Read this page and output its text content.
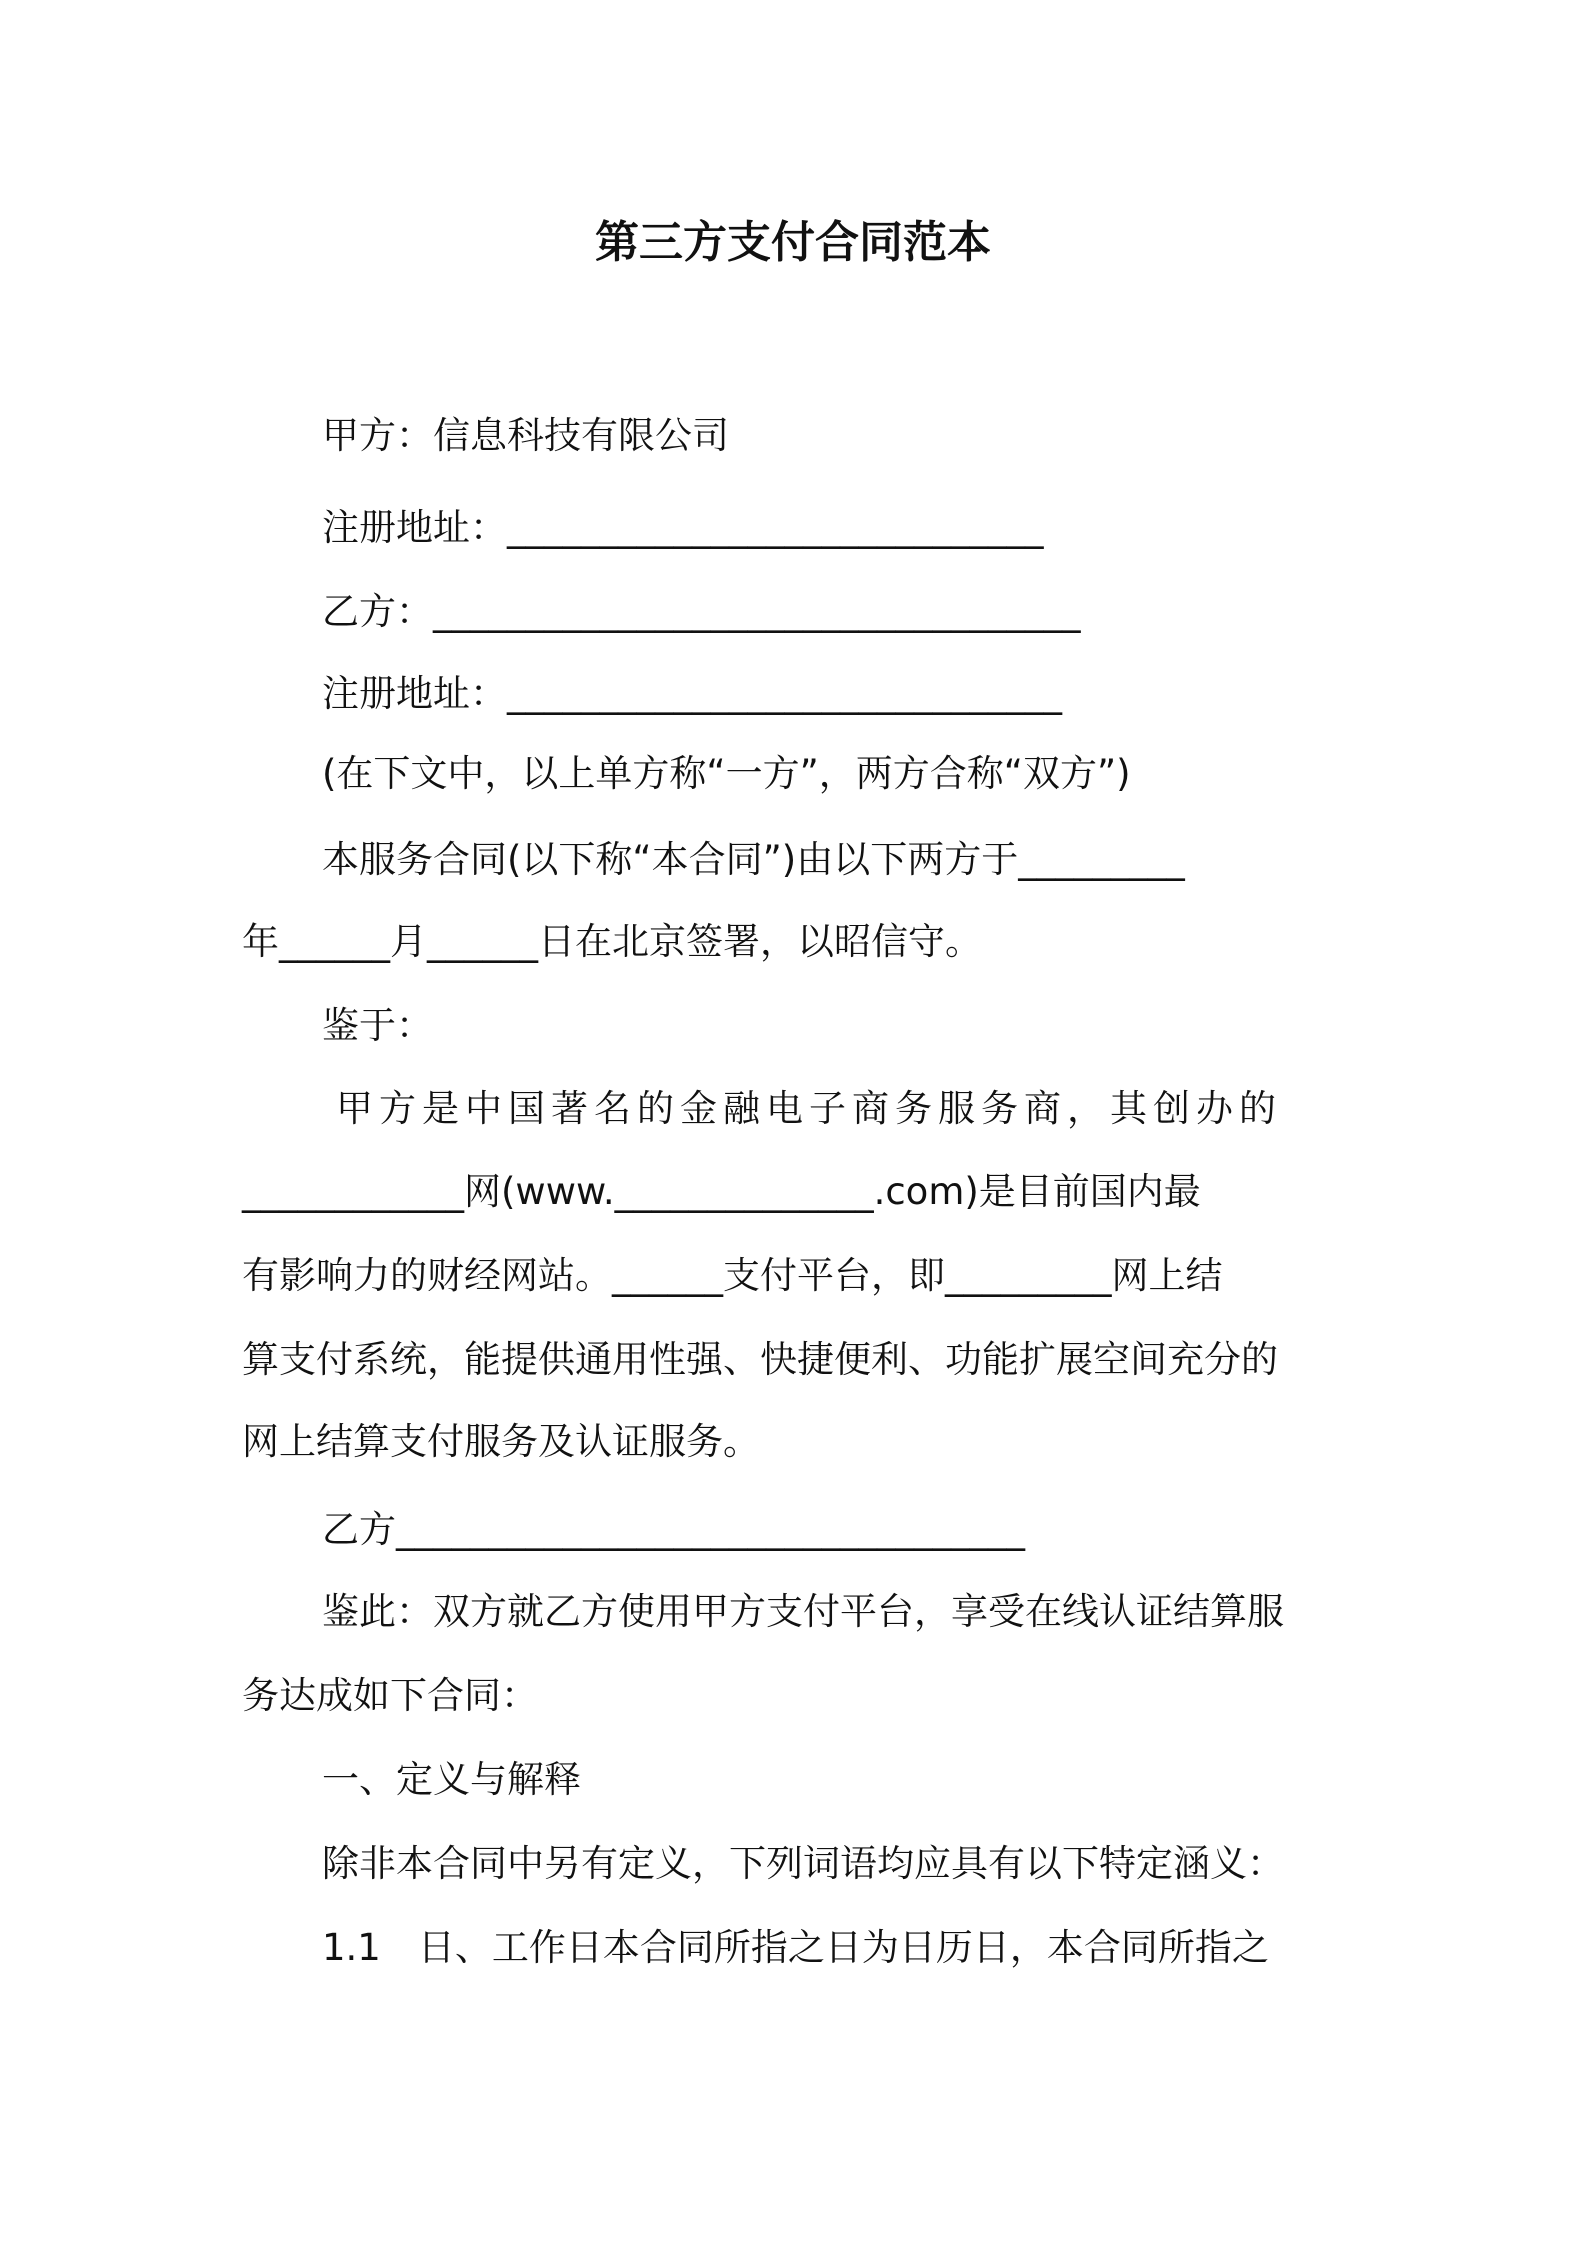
第三方支付合同范本

甲方：信息科技有限公司

注册地址：_____________________________

乙方：___________________________________

注册地址：______________________________

(在下文中，以上单方称“一方”，两方合称“双方”)

本服务合同(以下称“本合同”)由以下两方于_________

年______月______日在北京签署，以昭信守。

鉴于：

甲方是中国著名的金融电子商务服务商，其创办的

____________网(www.______________.com)是目前国内最

有影响力的财经网站。______支付平台，即_________网上结

算支付系统，能提供通用性强、快捷便利、功能扩展空间充分的

网上结算支付服务及认证服务。

乙方__________________________________

鉴此：双方就乙方使用甲方支付平台，享受在线认证结算服

务达成如下合同：

一、定义与解释

除非本合同中另有定义，下列词语均应具有以下特定涵义：

1.1　日、工作日本合同所指之日为日历日，本合同所指之
